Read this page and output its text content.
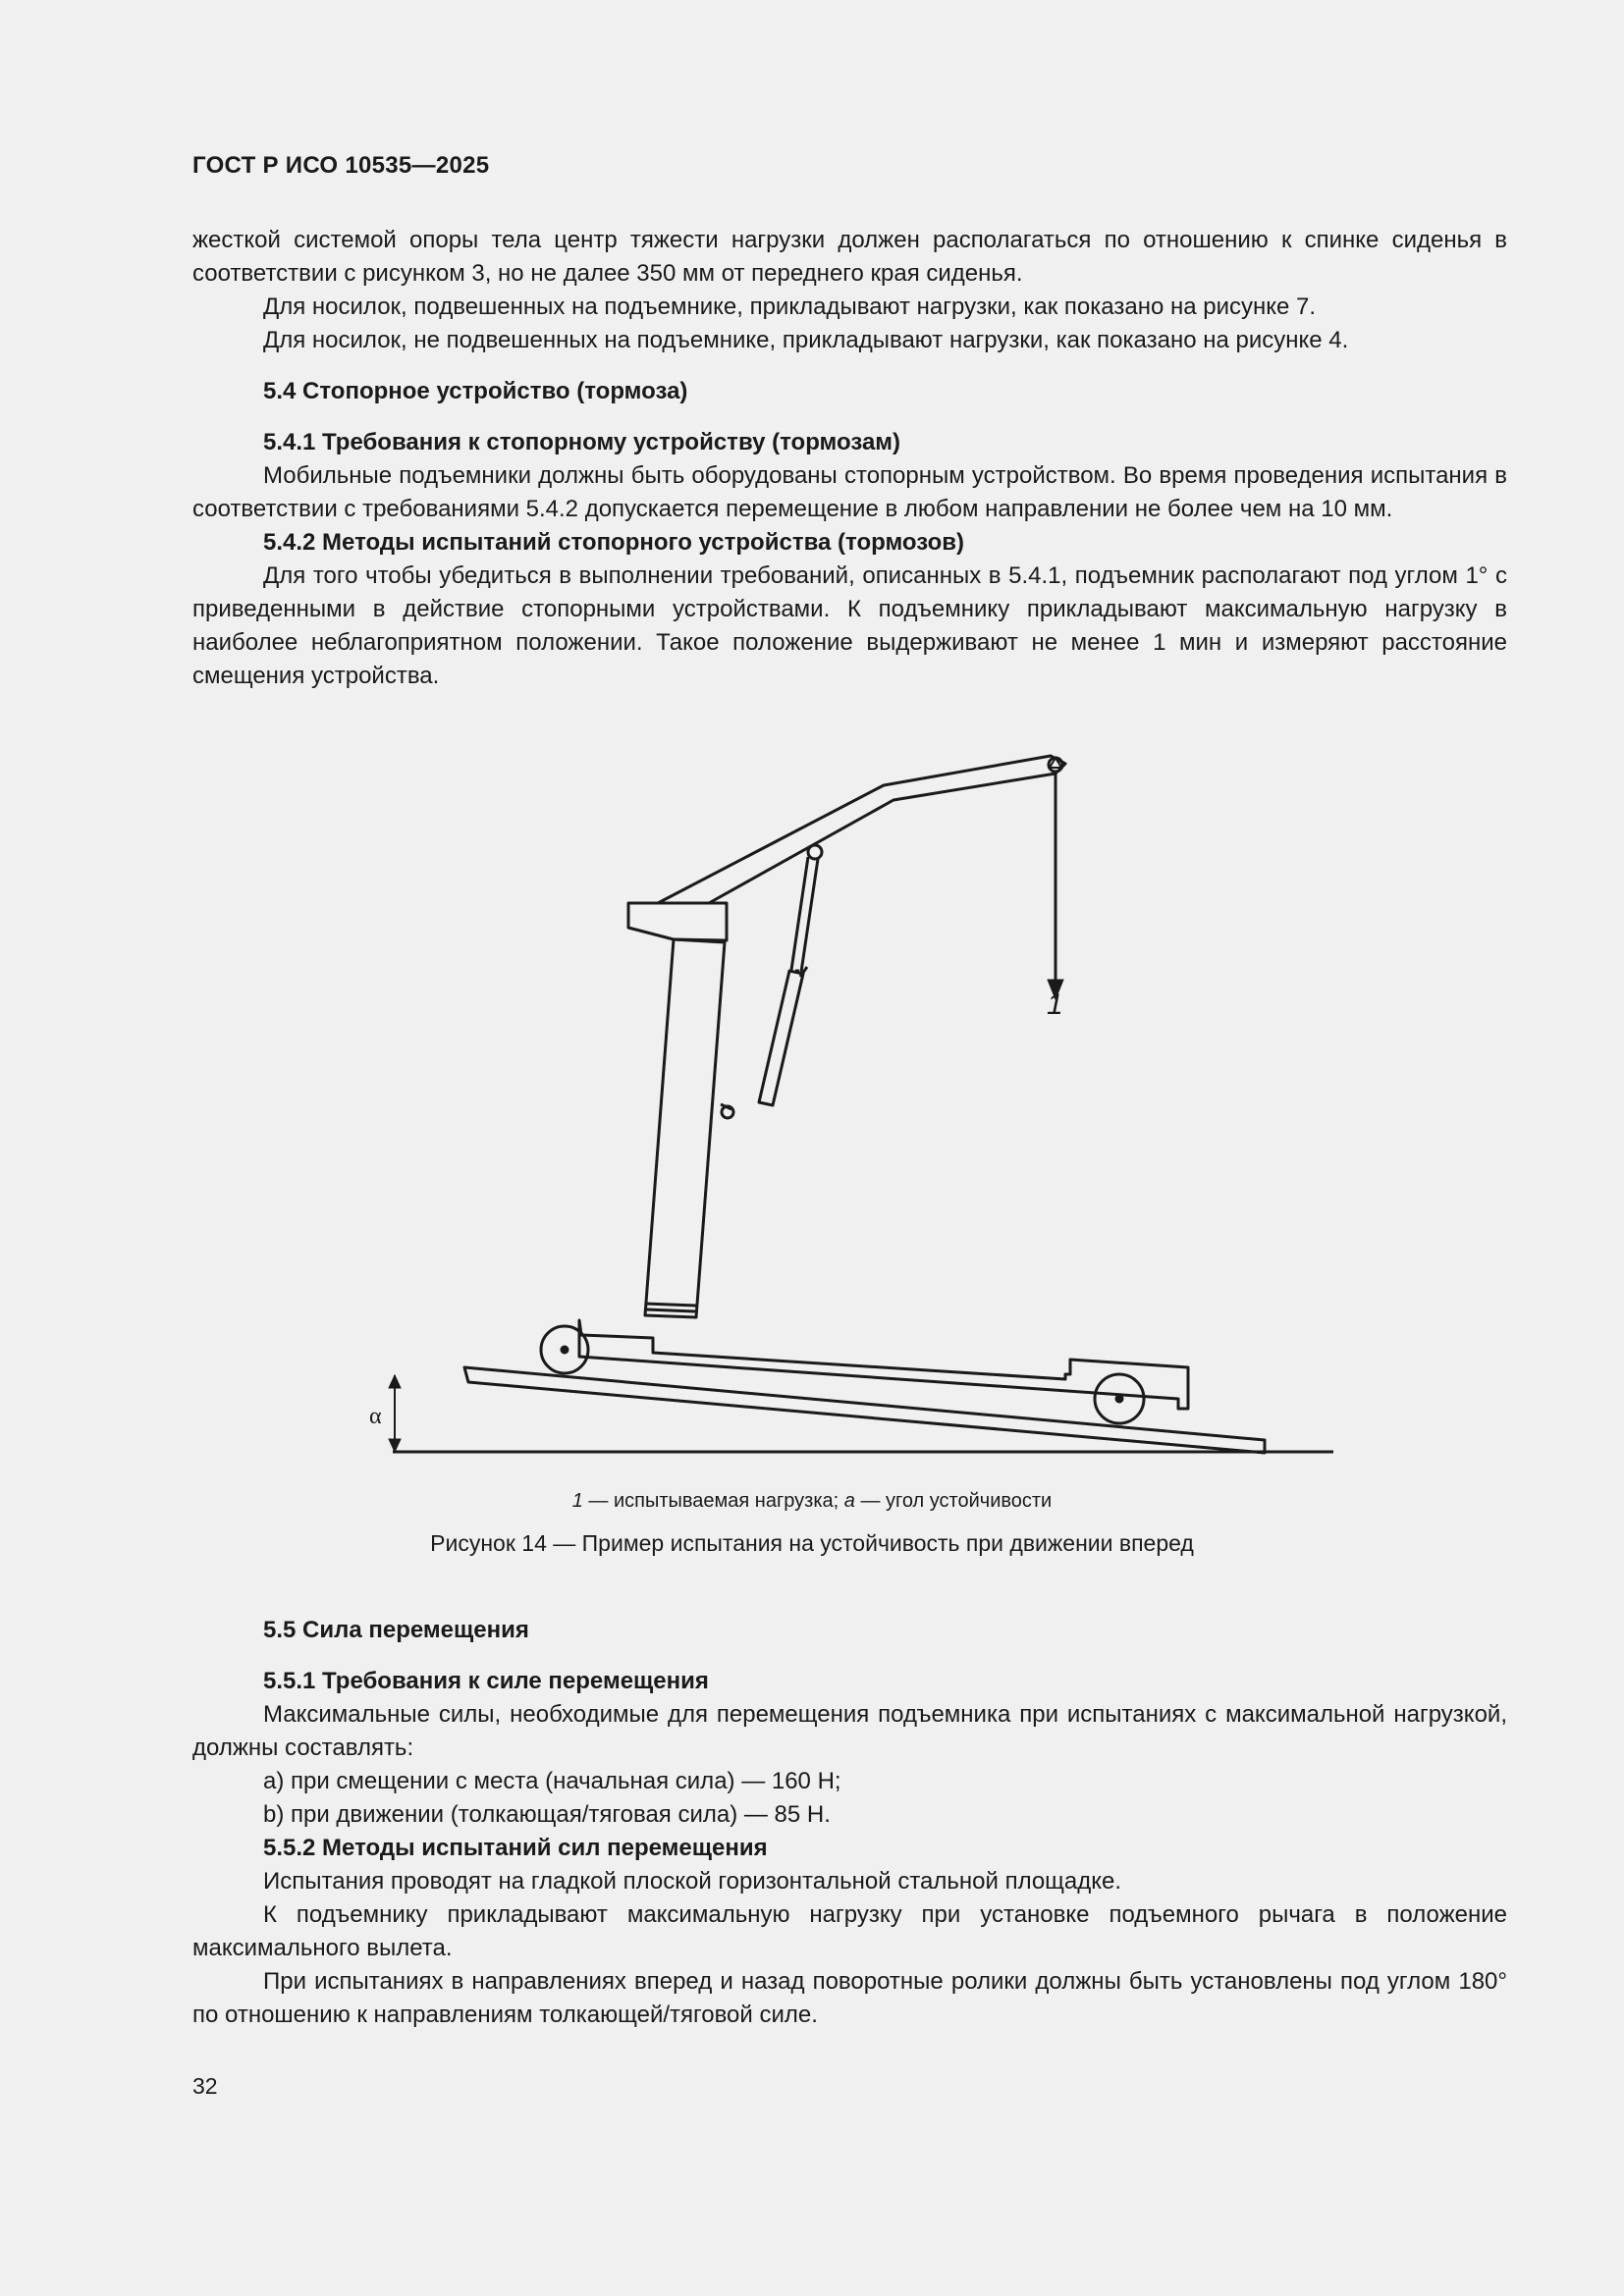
ГОСТ Р ИСО 10535—2025

жесткой системой опоры тела центр тяжести нагрузки должен располагаться по отношению к спинке сиденья в соответствии с рисунком 3, но не далее 350 мм от переднего края сиденья.

Для носилок, подвешенных на подъемнике, прикладывают нагрузки, как показано на рисунке 7.

Для носилок, не подвешенных на подъемнике, прикладывают нагрузки, как показано на рисунке 4.

5.4 Стопорное устройство (тормоза)

5.4.1 Требования к стопорному устройству (тормозам)

Мобильные подъемники должны быть оборудованы стопорным устройством. Во время проведения испытания в соответствии с требованиями 5.4.2 допускается перемещение в любом направлении не более чем на 10 мм.

5.4.2 Методы испытаний стопорного устройства (тормозов)

Для того чтобы убедиться в выполнении требований, описанных в 5.4.1, подъемник располагают под углом 1° с приведенными в действие стопорными устройствами. К подъемнику прикладывают максимальную нагрузку в наиболее неблагоприятном положении. Такое положение выдерживают не менее 1 мин и измеряют расстояние смещения устройства.

1
α
1 — испытываемая нагрузка; a — угол устойчивости
Рисунок 14 — Пример испытания на устойчивость при движении вперед

5.5 Сила перемещения

5.5.1 Требования к силе перемещения

Максимальные силы, необходимые для перемещения подъемника при испытаниях с максимальной нагрузкой, должны составлять:

a) при смещении с места (начальная сила) — 160 Н;

b) при движении (толкающая/тяговая сила) — 85 Н.

5.5.2 Методы испытаний сил перемещения

Испытания проводят на гладкой плоской горизонтальной стальной площадке.

К подъемнику прикладывают максимальную нагрузку при установке подъемного рычага в положение максимального вылета.

При испытаниях в направлениях вперед и назад поворотные ролики должны быть установлены под углом 180° по отношению к направлениям толкающей/тяговой силе.

32
